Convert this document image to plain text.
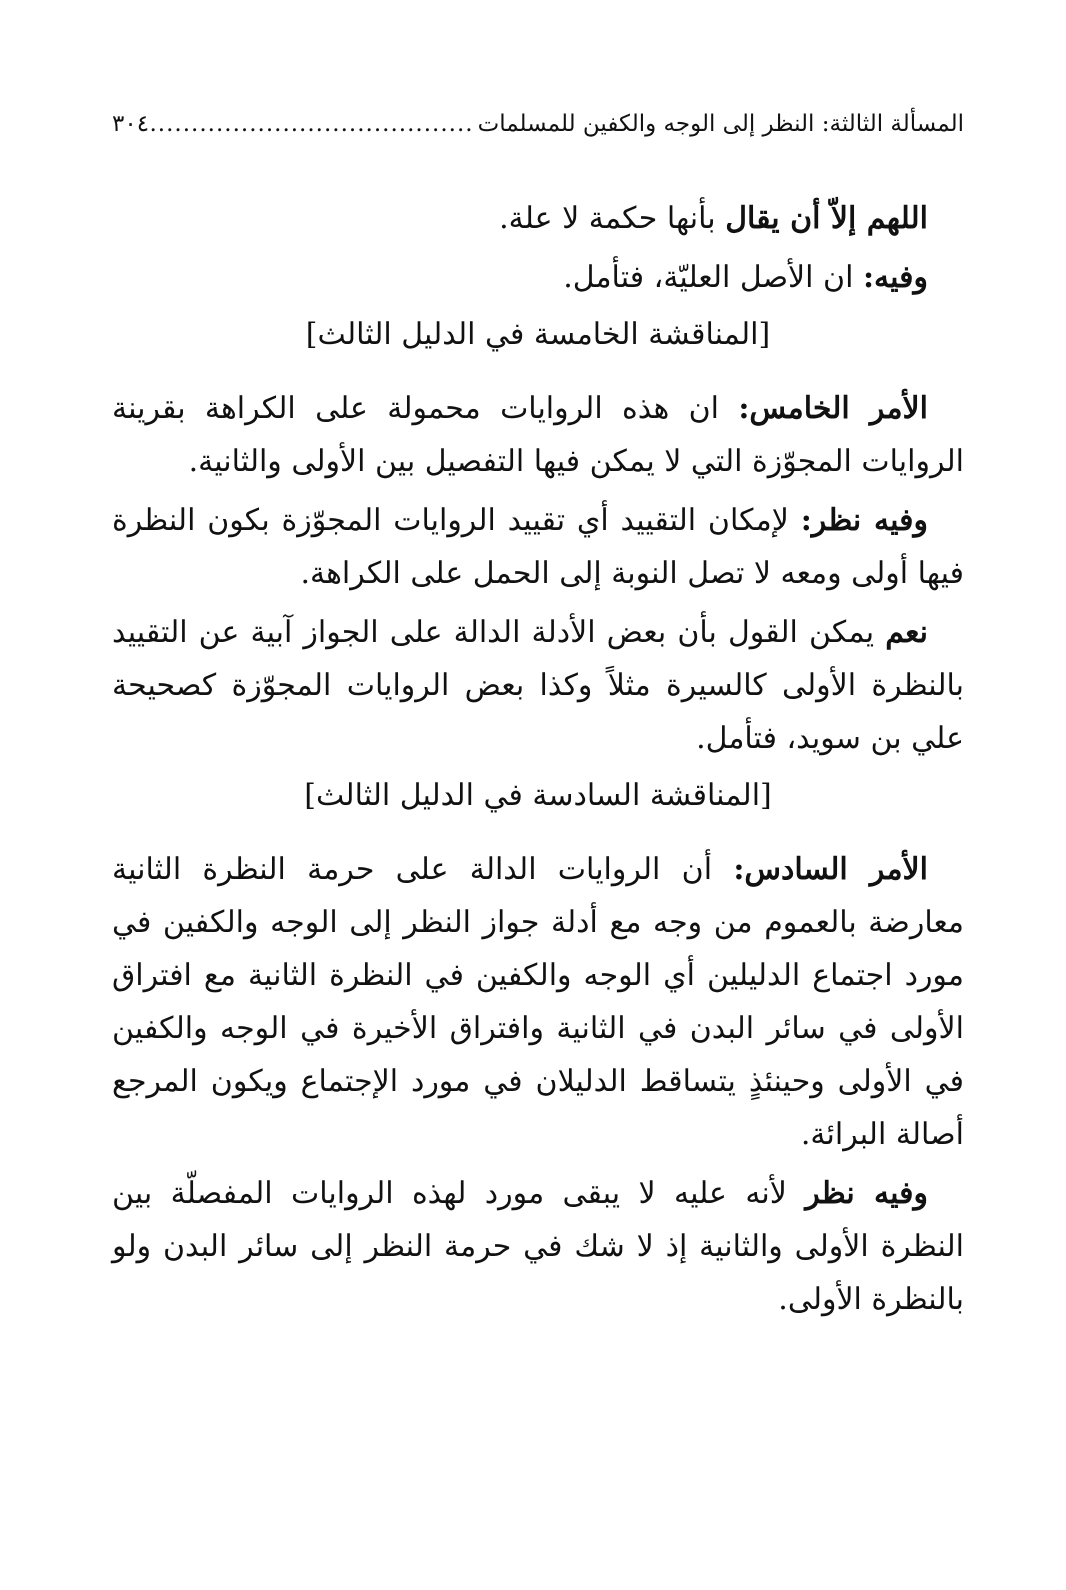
المسألة الثالثة: النظر إلى الوجه والكفين للمسلمات
.....
٣٠٤

اللهم إلاّ أن يقال بأنها حكمة لا علة.

وفيه: ان الأصل العليّة، فتأمل.

[المناقشة الخامسة في الدليل الثالث]

الأمر الخامس: ان هذه الروايات محمولة على الكراهة بقرينة الروايات المجوّزة التي لا يمكن فيها التفصيل بين الأولى والثانية.

وفيه نظر: لإمكان التقييد أي تقييد الروايات المجوّزة بكون النظرة فيها أولى ومعه لا تصل النوبة إلى الحمل على الكراهة.

نعم يمكن القول بأن بعض الأدلة الدالة على الجواز آبية عن التقييد بالنظرة الأولى كالسيرة مثلاً وكذا بعض الروايات المجوّزة كصحيحة علي بن سويد، فتأمل.

[المناقشة السادسة في الدليل الثالث]

الأمر السادس: أن الروايات الدالة على حرمة النظرة الثانية معارضة بالعموم من وجه مع أدلة جواز النظر إلى الوجه والكفين في مورد اجتماع الدليلين أي الوجه والكفين في النظرة الثانية مع افتراق الأولى في سائر البدن في الثانية وافتراق الأخيرة في الوجه والكفين في الأولى وحينئذٍ يتساقط الدليلان في مورد الإجتماع ويكون المرجع أصالة البرائة.

وفيه نظر لأنه عليه لا يبقى مورد لهذه الروايات المفصلّة بين النظرة الأولى والثانية إذ لا شك في حرمة النظر إلى سائر البدن ولو بالنظرة الأولى.
